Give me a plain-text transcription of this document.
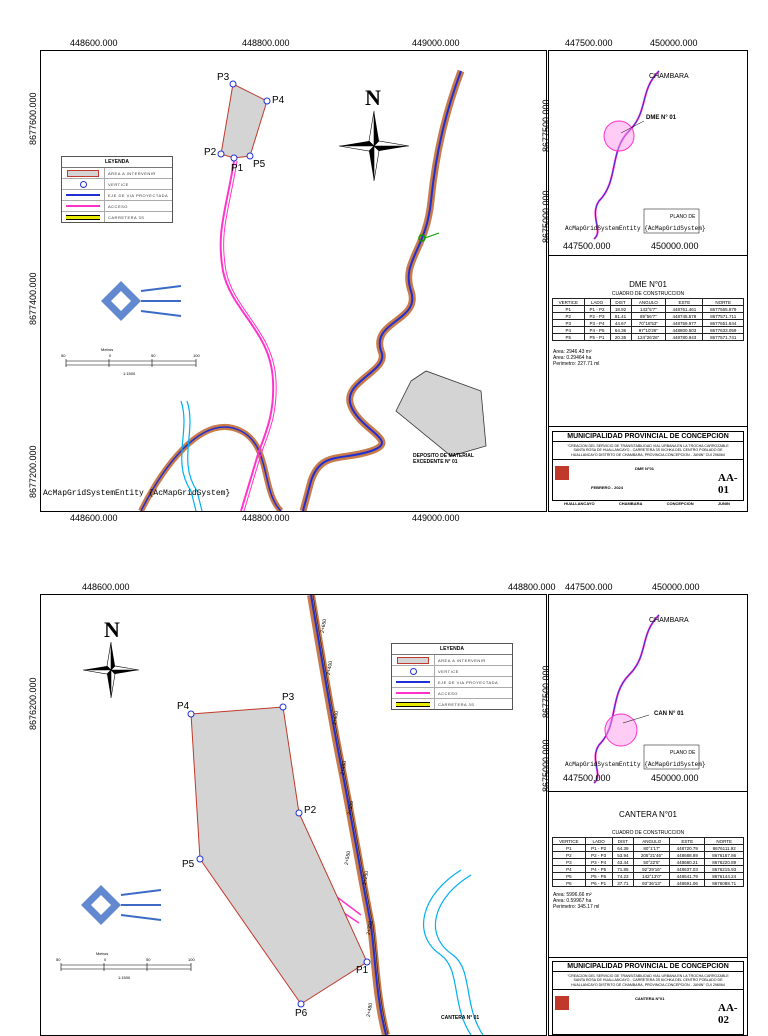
448600.000	448800.000	449000.000
448600.000	448800.000	449000.000
447500.000	450000.000
P3
P4
P2
P5
P1
N
LEYENDA
AREA A INTERVENIR
VERTICE
EJE DE VIA PROYECTADA
ACCESO
CARRETERA 3S
Metros
50	0	50	100
1:1500
DEPOSITO DE MATERIAL EXCEDENTE N° 01
AcMapGridSystemEntity {AcMapGridSystem}
8677600.000
8677400.000
8677200.000
CHAMBARA
DME N° 01
PLANO DE
AcMapGridSystemEntity {AcMapGridSystem}
447500.000	450000.000
DME N°01
CUADRO DE CONSTRUCCION
VERTICE	LADO	DIST	ANGULO	ESTE	NORTE
P1	P1 - P2	18.92	143°5'7"	448761.461	8677565.879
P2	P2 - P3	81.41	89°56'7"	448745.578	8677571.711
P3	P3 - P4	44.67	70°18'53"	448759.977	8677651.844
P4	P4 - P5	64.36	97°10'26"	448800.503	8677633.059
P5	P5 - P1	20.35	124°26'26"	448780.943	8677571.741
Area: 2946.43 m²
Area: 0.29464 ha
Perimetro: 227.71 ml
MUNICIPALIDAD PROVINCIAL DE CONCEPCION
"CREACION DEL SERVICIO DE TRANSITABILIDAD VIAL URBANA EN LA TROCHA CARROZABLE SANTA ROSA DE HUALLANCAYO - CARRETERA 3S KICHKA DEL CENTRO POBLADO DE HUALLANCAYO DISTRITO DE CHAMBARA, PROVINCIA CONCEPCION - JUNIN" CUI 296064
DME N°01
FEBRERO - 2024
AA-01
HUALLANCAYO	CHAMBARA	CONCEPCION	JUNIN
8677500.000
8675000.000
448600.000	448800.000 447500.000	450000.000
P4
P3
P2
P5
P1
P6
N	2+650
2+400
2+400
2+450
2+500
2+550
2+250
2+300
2+480
LEYENDA
AREA A INTERVENIR
VERTICE
EJE DE VIA PROYECTADA
ACCESO
CARRETERA 3S
Metros
50	0	50	100
1:1500
CANTERA N° 01
8676200.000
CHAMBARA
CAN N° 01
PLANO DE
AcMapGridSystemEntity {AcMapGridSystem}
447500.000	450000.000
CANTERA N°01
CUADRO DE CONSTRUCCION
VERTICE	LADO	DIST	ANGULO	ESTE	NORTE
P1	P1 - P2	64.39	80°1'17"	448720.79	8676111.92
P2	P2 - P3	53.94	205°21'46"	448688.89	8676167.86
P3	P3 - P4	43.44	50°22'5"	448680.21	8676220.89
P4	P4 - P5	71.85	92°29'16"	448637.03	8676215.93
P5	P5 - P6	74.23	142°13'0"	448641.79	8676144.24
P6	P6 - P1	37.71	93°36'13"	448691.06	8676088.71
Area: 5996.66 m²
Area: 0.59967 ha
Perimetro: 345.17 ml
MUNICIPALIDAD PROVINCIAL DE CONCEPCION
"CREACION DEL SERVICIO DE TRANSITABILIDAD VIAL URBANA EN LA TROCHA CARROZABLE SANTA ROSA DE HUALLANCAYO - CARRETERA 3S KICHKA DEL CENTRO POBLADO DE HUALLANCAYO DISTRITO DE CHAMBARA, PROVINCIA CONCEPCION - JUNIN" CUI 296064
CANTERA N°01
AA-02
8677500.000
8675000.000
